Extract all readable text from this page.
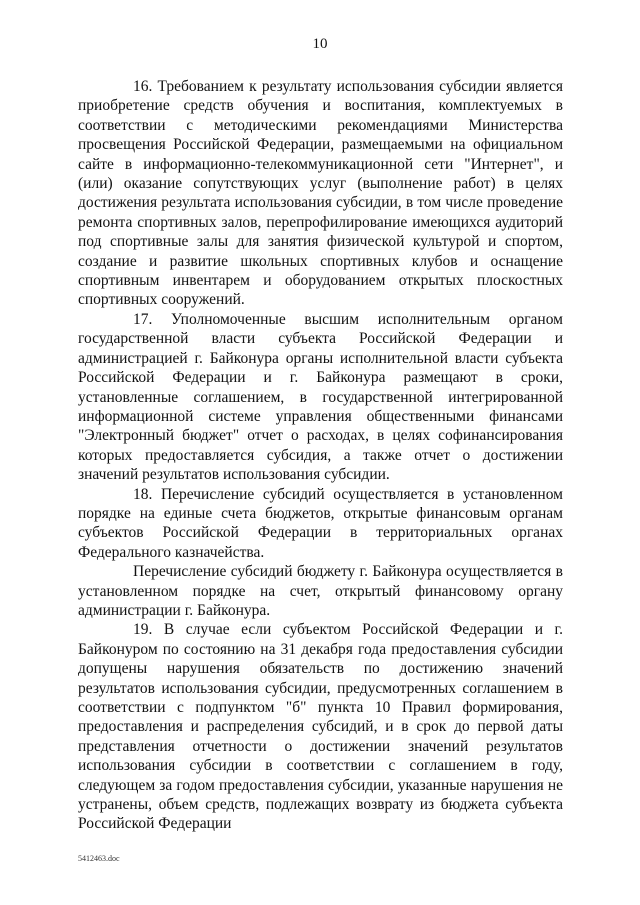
10

16. Требованием к результату использования субсидии является приобретение средств обучения и воспитания, комплектуемых в соответствии с методическими рекомендациями Министерства просвещения Российской Федерации, размещаемыми на официальном сайте в информационно-телекоммуникационной сети "Интернет", и (или) оказание сопутствующих услуг (выполнение работ) в целях достижения результата использования субсидии, в том числе проведение ремонта спортивных залов, перепрофилирование имеющихся аудиторий под спортивные залы для занятия физической культурой и спортом, создание и развитие школьных спортивных клубов и оснащение спортивным инвентарем и оборудованием открытых плоскостных спортивных сооружений.

17. Уполномоченные высшим исполнительным органом государственной власти субъекта Российской Федерации и администрацией г. Байконура органы исполнительной власти субъекта Российской Федерации и г. Байконура размещают в сроки, установленные соглашением, в государственной интегрированной информационной системе управления общественными финансами "Электронный бюджет" отчет о расходах, в целях софинансирования которых предоставляется субсидия, а также отчет о достижении значений результатов использования субсидии.

18. Перечисление субсидий осуществляется в установленном порядке на единые счета бюджетов, открытые финансовым органам субъектов Российской Федерации в территориальных органах Федерального казначейства.

Перечисление субсидий бюджету г. Байконура осуществляется в установленном порядке на счет, открытый финансовому органу администрации г. Байконура.

19. В случае если субъектом Российской Федерации и г. Байконуром по состоянию на 31 декабря года предоставления субсидии допущены нарушения обязательств по достижению значений результатов использования субсидии, предусмотренных соглашением в соответствии с подпунктом "б" пункта 10 Правил формирования, предоставления и распределения субсидий, и в срок до первой даты представления отчетности о достижении значений результатов использования субсидии в соответствии с соглашением в году, следующем за годом предоставления субсидии, указанные нарушения не устранены, объем средств, подлежащих возврату из бюджета субъекта Российской Федерации

5412463.doc
